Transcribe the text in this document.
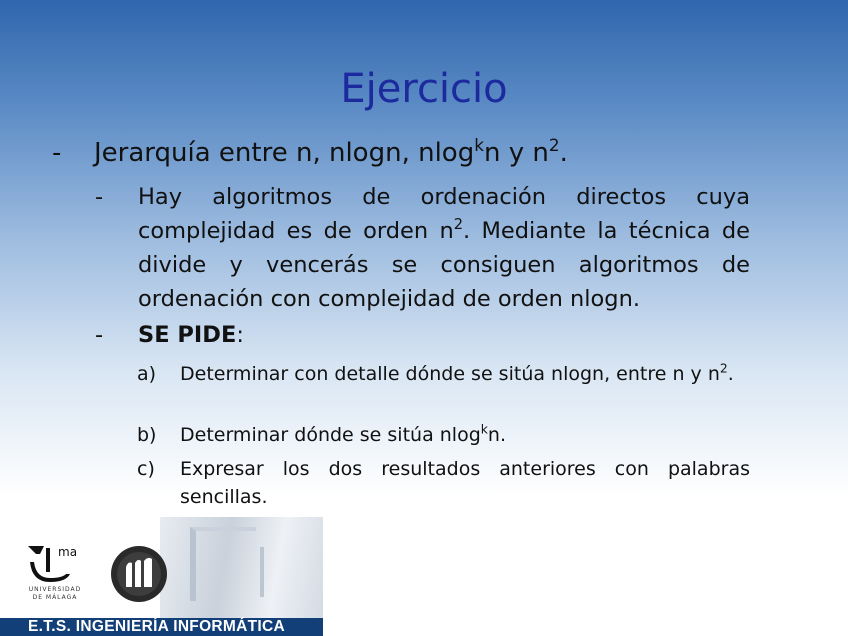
Ejercicio
-	Jerarquía entre n, nlogn, nlog$^k$n y $n^2$.
-	Hay algoritmos de ordenación directos cuya complejidad es de orden $n^2$. Mediante la técnica de divide y vencerás se consiguen algoritmos de ordenación con complejidad de orden nlogn.
-	SE PIDE:
a)	Determinar con detalle dónde se sitúa nlogn, entre n y $n^2$.
b)	Determinar dónde se sitúa nlog$^k$n.
c)	Expresar los dos resultados anteriores con palabras sencillas.
ma
UNIVERSIDAD
DE MÁLAGA
E.T.S. INGENIERÍA INFORMÁTICA
